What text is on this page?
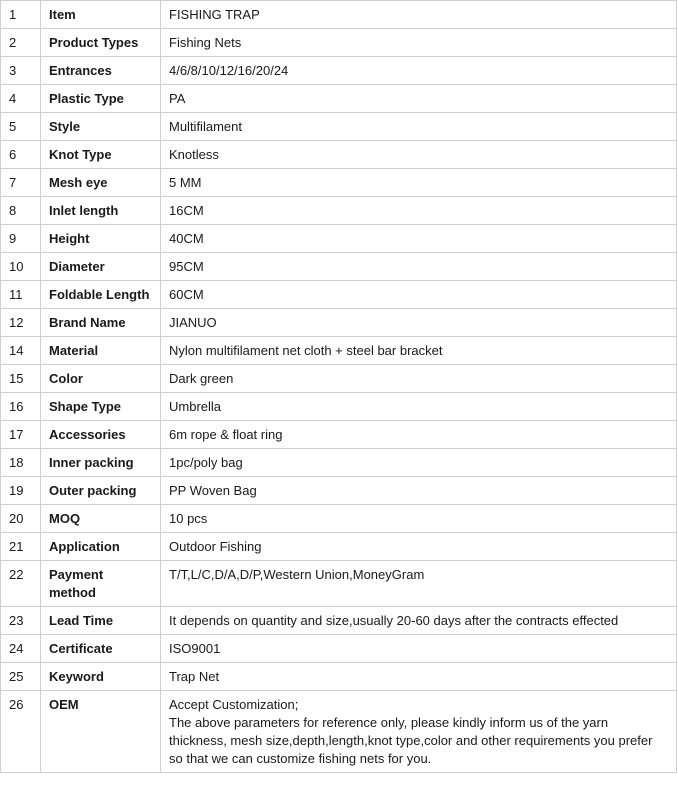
1	Item	FISHING TRAP

2	Product Types	Fishing Nets

3	Entrances	4/6/8/10/12/16/20/24

4	Plastic Type	PA

5	Style	Multifilament

6	Knot Type	Knotless

7	Mesh eye	5 MM

8	Inlet length	16CM

9	Height	40CM

10	Diameter	95CM

11	Foldable Length	60CM

12	Brand Name	JIANUO

14	Material	Nylon multifilament net cloth + steel bar bracket

15	Color	Dark green

16	Shape Type	Umbrella

17	Accessories	6m rope & float ring

18	Inner packing	1pc/poly bag

19	Outer packing	PP Woven Bag

20	MOQ	10 pcs

21	Application	Outdoor Fishing

22	Payment method	T/T,L/C,D/A,D/P,Western Union,MoneyGram

23	Lead Time	It depends on quantity and size,usually 20-60 days after the contracts effected

24	Certificate	ISO9001

25	Keyword	Trap Net

26	OEM	Accept Customization;
The above parameters for reference only, please kindly inform us of the yarn thickness, mesh size,depth,length,knot type,color and other requirements you prefer so that we can customize fishing nets for you.
